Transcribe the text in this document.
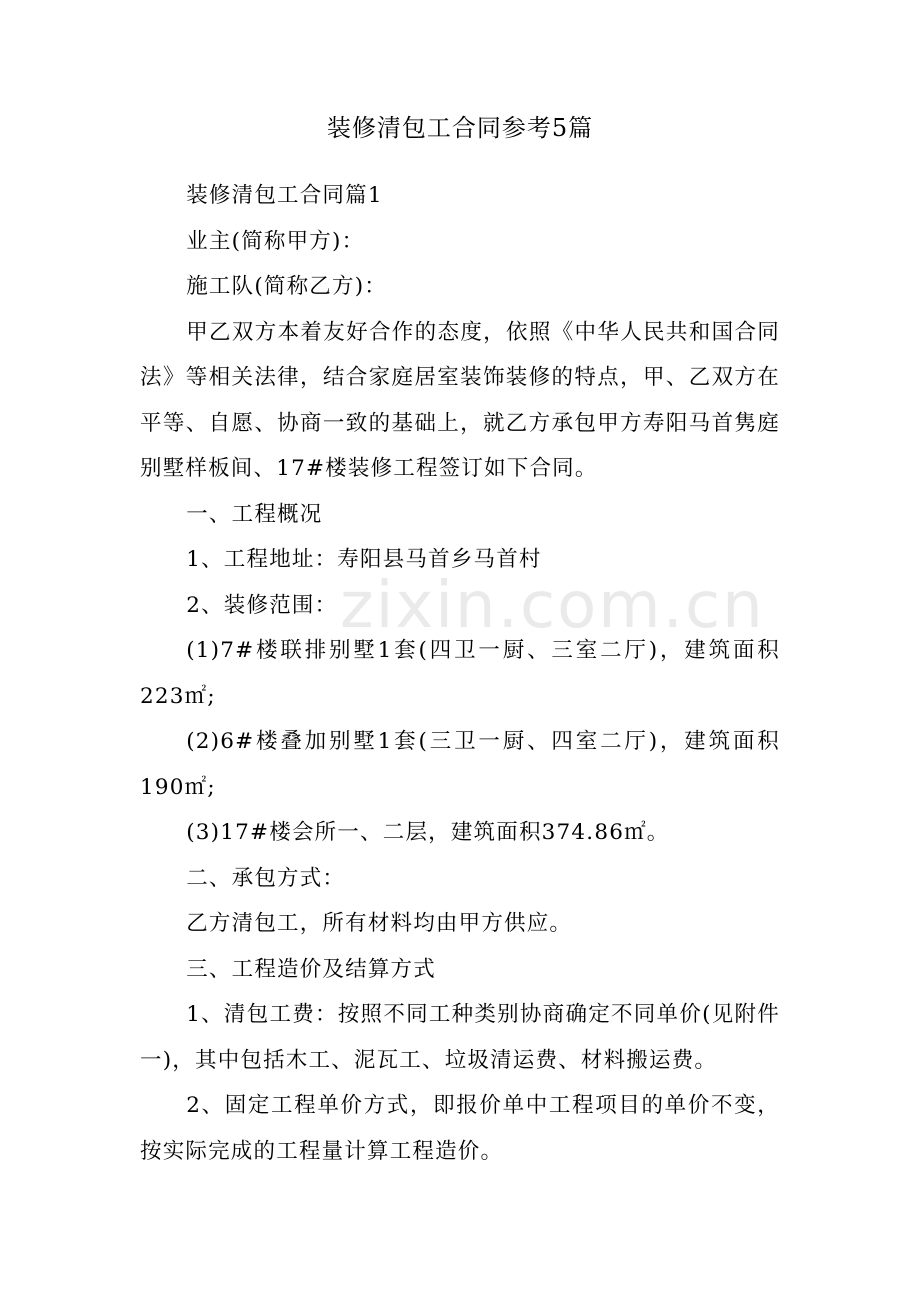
装修清包工合同参考5篇

装修清包工合同篇1

业主(简称甲方)：

施工队(简称乙方)：

甲乙双方本着友好合作的态度，依照《中华人民共和国合同法》等相关法律，结合家庭居室装饰装修的特点，甲、乙双方在平等、自愿、协商一致的基础上，就乙方承包甲方寿阳马首隽庭别墅样板间、17#楼装修工程签订如下合同。

一、工程概况

1、工程地址：寿阳县马首乡马首村

2、装修范围：

(1)7#楼联排别墅1套(四卫一厨、三室二厅)，建筑面积223㎡;

(2)6#楼叠加别墅1套(三卫一厨、四室二厅)，建筑面积190㎡;

(3)17#楼会所一、二层，建筑面积374.86㎡。

二、承包方式：

乙方清包工，所有材料均由甲方供应。

三、工程造价及结算方式

1、清包工费：按照不同工种类别协商确定不同单价(见附件一)，其中包括木工、泥瓦工、垃圾清运费、材料搬运费。

2、固定工程单价方式，即报价单中工程项目的单价不变，按实际完成的工程量计算工程造价。

zixin.com.cn
